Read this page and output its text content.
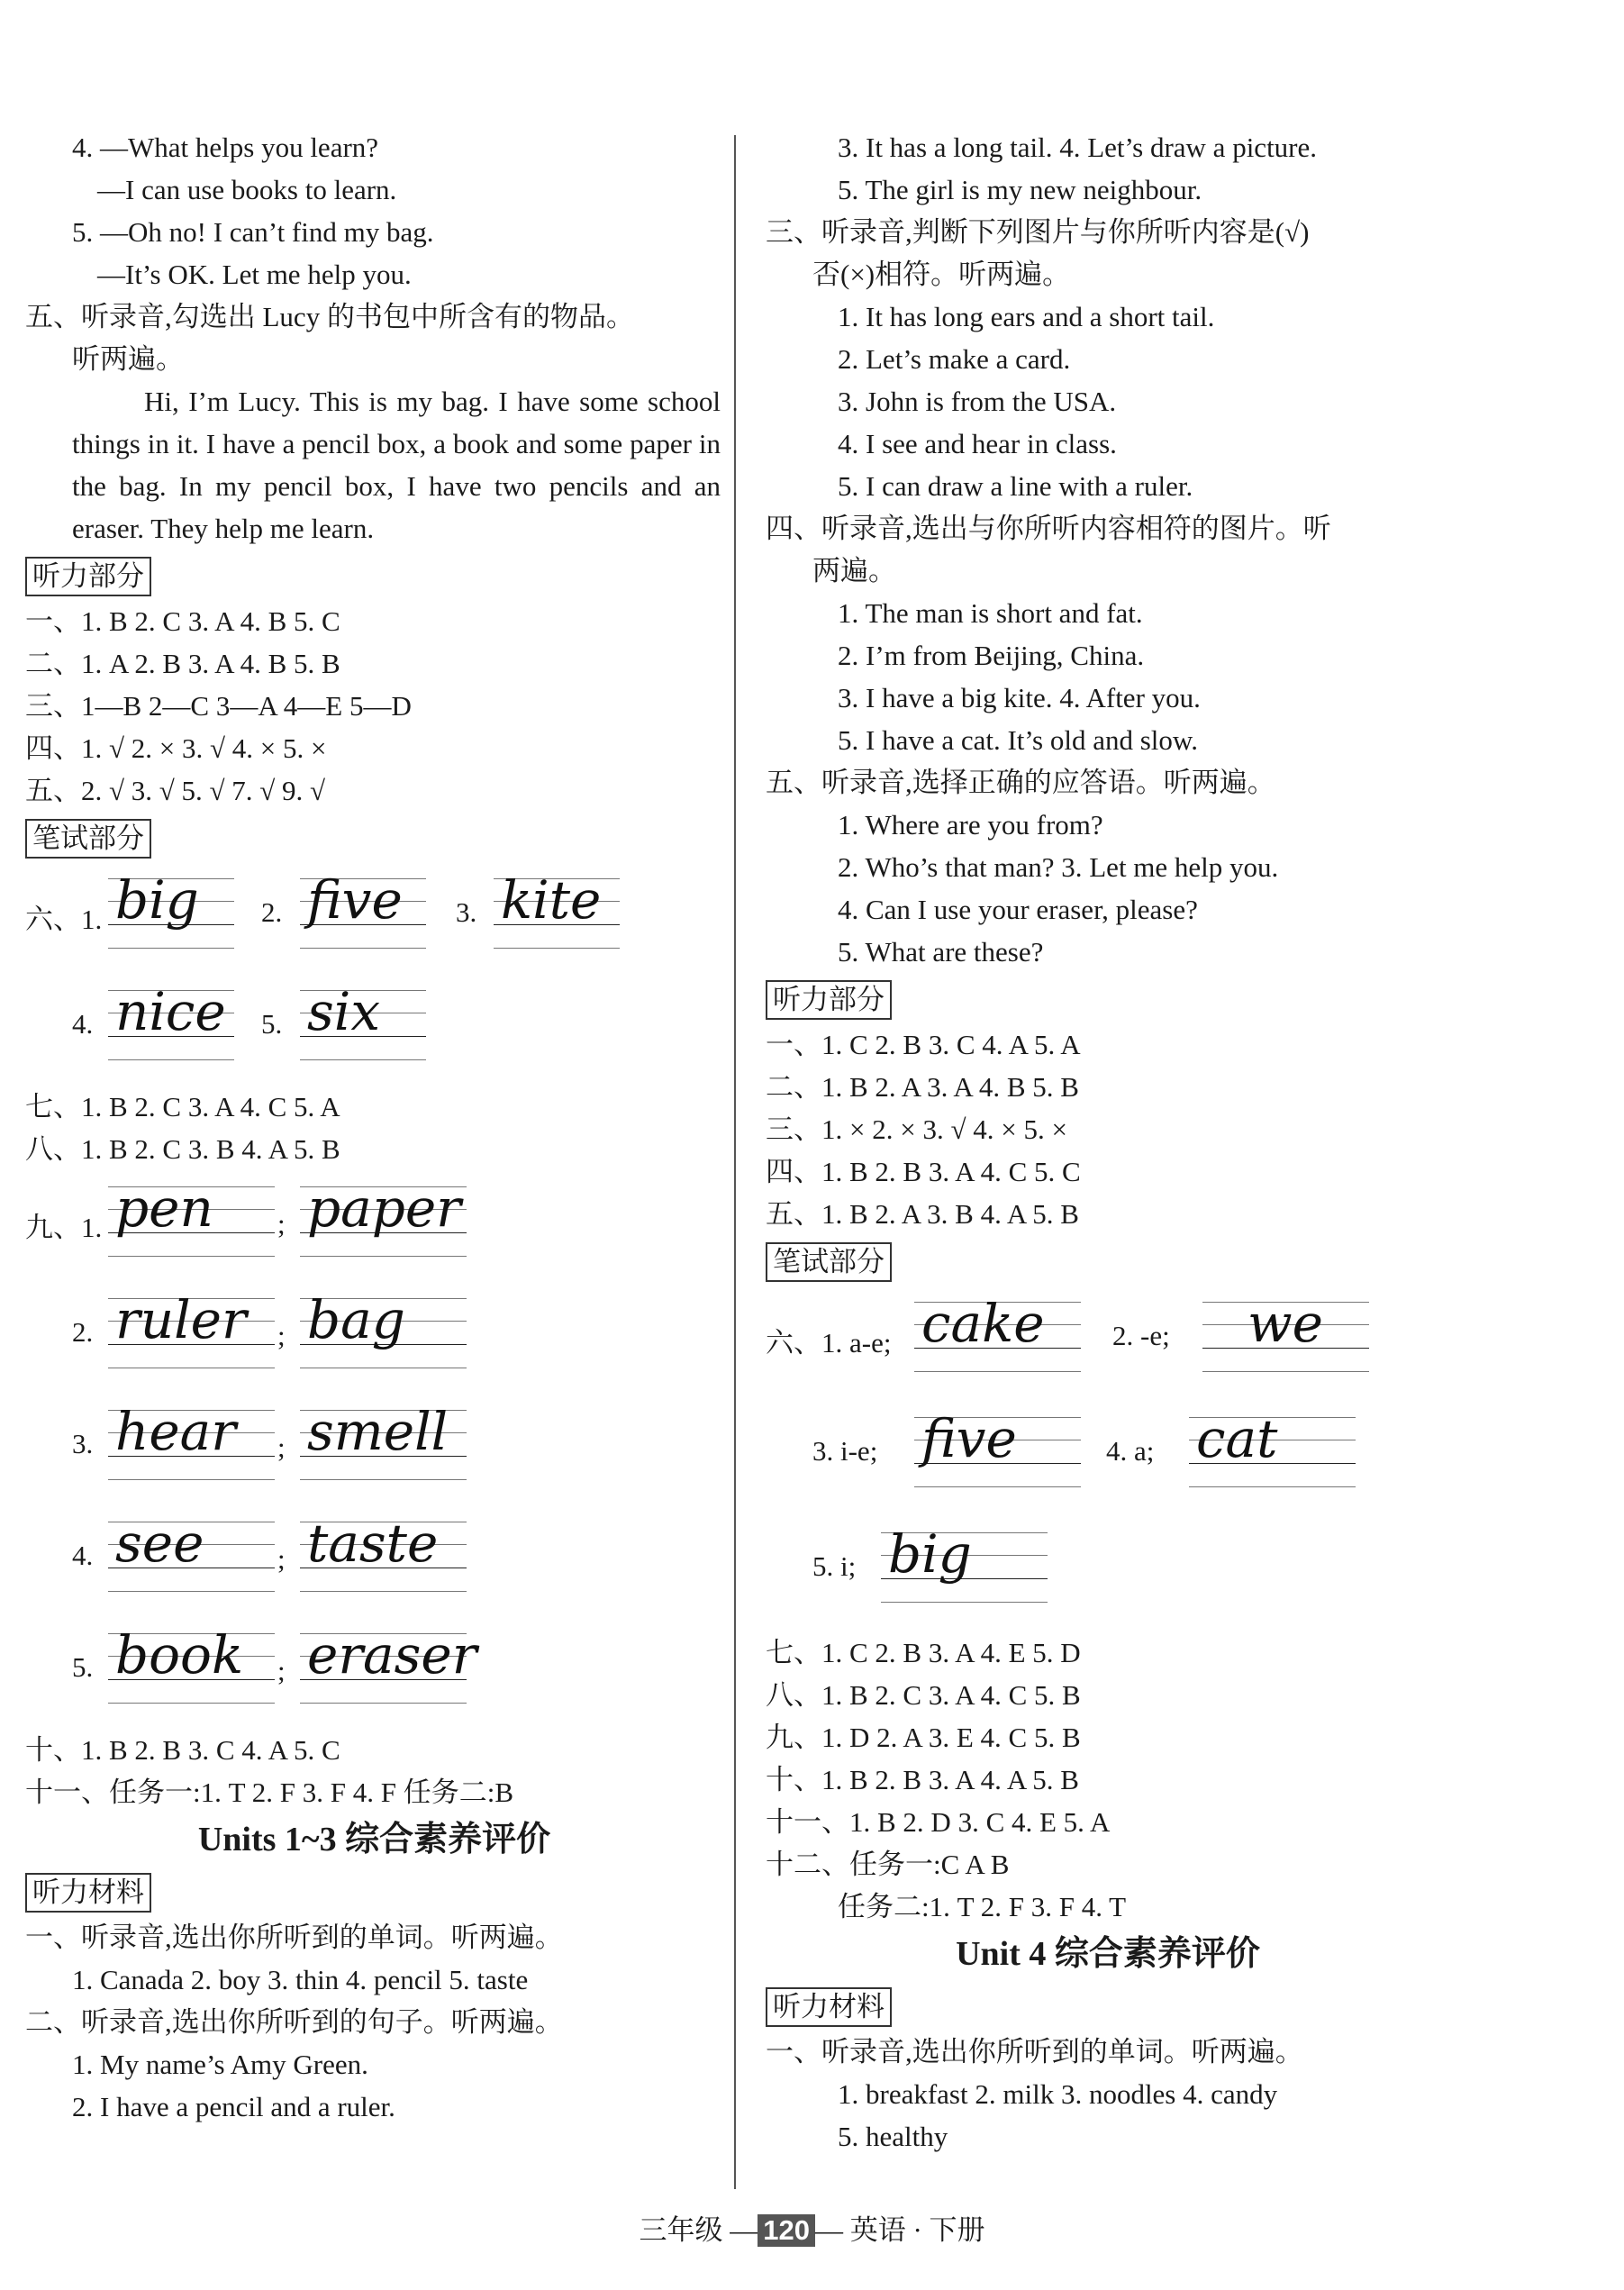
4. —What helps you learn?
—I can use books to learn.
5. —Oh no! I can’t find my bag.
—It’s OK. Let me help you.
五、听录音,勾选出 Lucy 的书包中所含有的物品。
听两遍。
Hi, I’m Lucy. This is my bag. I have some school things in it. I have a pencil box, a book and some paper in the bag. In my pencil box, I have two pencils and an eraser. They help me learn.
听力部分
一、1. B 2. C 3. A 4. B 5. C
二、1. A 2. B 3. A 4. B 5. B
三、1—B 2—C 3—A 4—E 5—D
四、1. √ 2. × 3. √ 4. × 5. ×
五、2. √ 3. √ 5. √ 7. √ 9. √
笔试部分
六、1. big 2. five 3. kite
4. nice 5. six
七、1. B 2. C 3. A 4. C 5. A
八、1. B 2. C 3. B 4. A 5. B
九、1. pen ; paper
2. ruler ; bag
3. hear ; smell
4. see	; taste
5. book ; eraser
十、1. B 2. B 3. C 4. A 5. C
十一、任务一:1. T 2. F 3. F 4. F 任务二:B
Units 1~3 综合素养评价
听力材料
一、听录音,选出你所听到的单词。听两遍。
1. Canada 2. boy 3. thin 4. pencil 5. taste
二、听录音,选出你所听到的句子。听两遍。
1. My name’s Amy Green.
2. I have a pencil and a ruler.
3. It has a long tail. 4. Let’s draw a picture.
5. The girl is my new neighbour.
三、听录音,判断下列图片与你所听内容是(√)
否(×)相符。听两遍。
1. It has long ears and a short tail.
2. Let’s make a card.
3. John is from the USA.
4. I see and hear in class.
5. I can draw a line with a ruler.
四、听录音,选出与你所听内容相符的图片。听
两遍。
1. The man is short and fat.
2. I’m from Beijing, China.
3. I have a big kite. 4. After you.
5. I have a cat. It’s old and slow.
五、听录音,选择正确的应答语。听两遍。
1. Where are you from?
2. Who’s that man? 3. Let me help you.
4. Can I use your eraser, please?
5. What are these?
听力部分
一、1. C 2. B 3. C 4. A 5. A
二、1. B 2. A 3. A 4. B 5. B
三、1. × 2. × 3. √ 4. × 5. ×
四、1. B 2. B 3. A 4. C 5. C
五、1. B 2. A 3. B 4. A 5. B
笔试部分
六、1. a-e; cake 2. -e; we
3. i-e; five	4. a; cat
5. i; big
七、1. C 2. B 3. A 4. E 5. D
八、1. B 2. C 3. A 4. C 5. B
九、1. D 2. A 3. E 4. C 5. B
十、1. B 2. B 3. A 4. A 5. B
十一、1. B 2. D 3. C 4. E 5. A
十二、任务一:C A B
任务二:1. T 2. F 3. F 4. T
Unit 4 综合素养评价
听力材料
一、听录音,选出你所听到的单词。听两遍。
1. breakfast 2. milk 3. noodles 4. candy
5. healthy
三年级 — 120 — 英语 · 下册
